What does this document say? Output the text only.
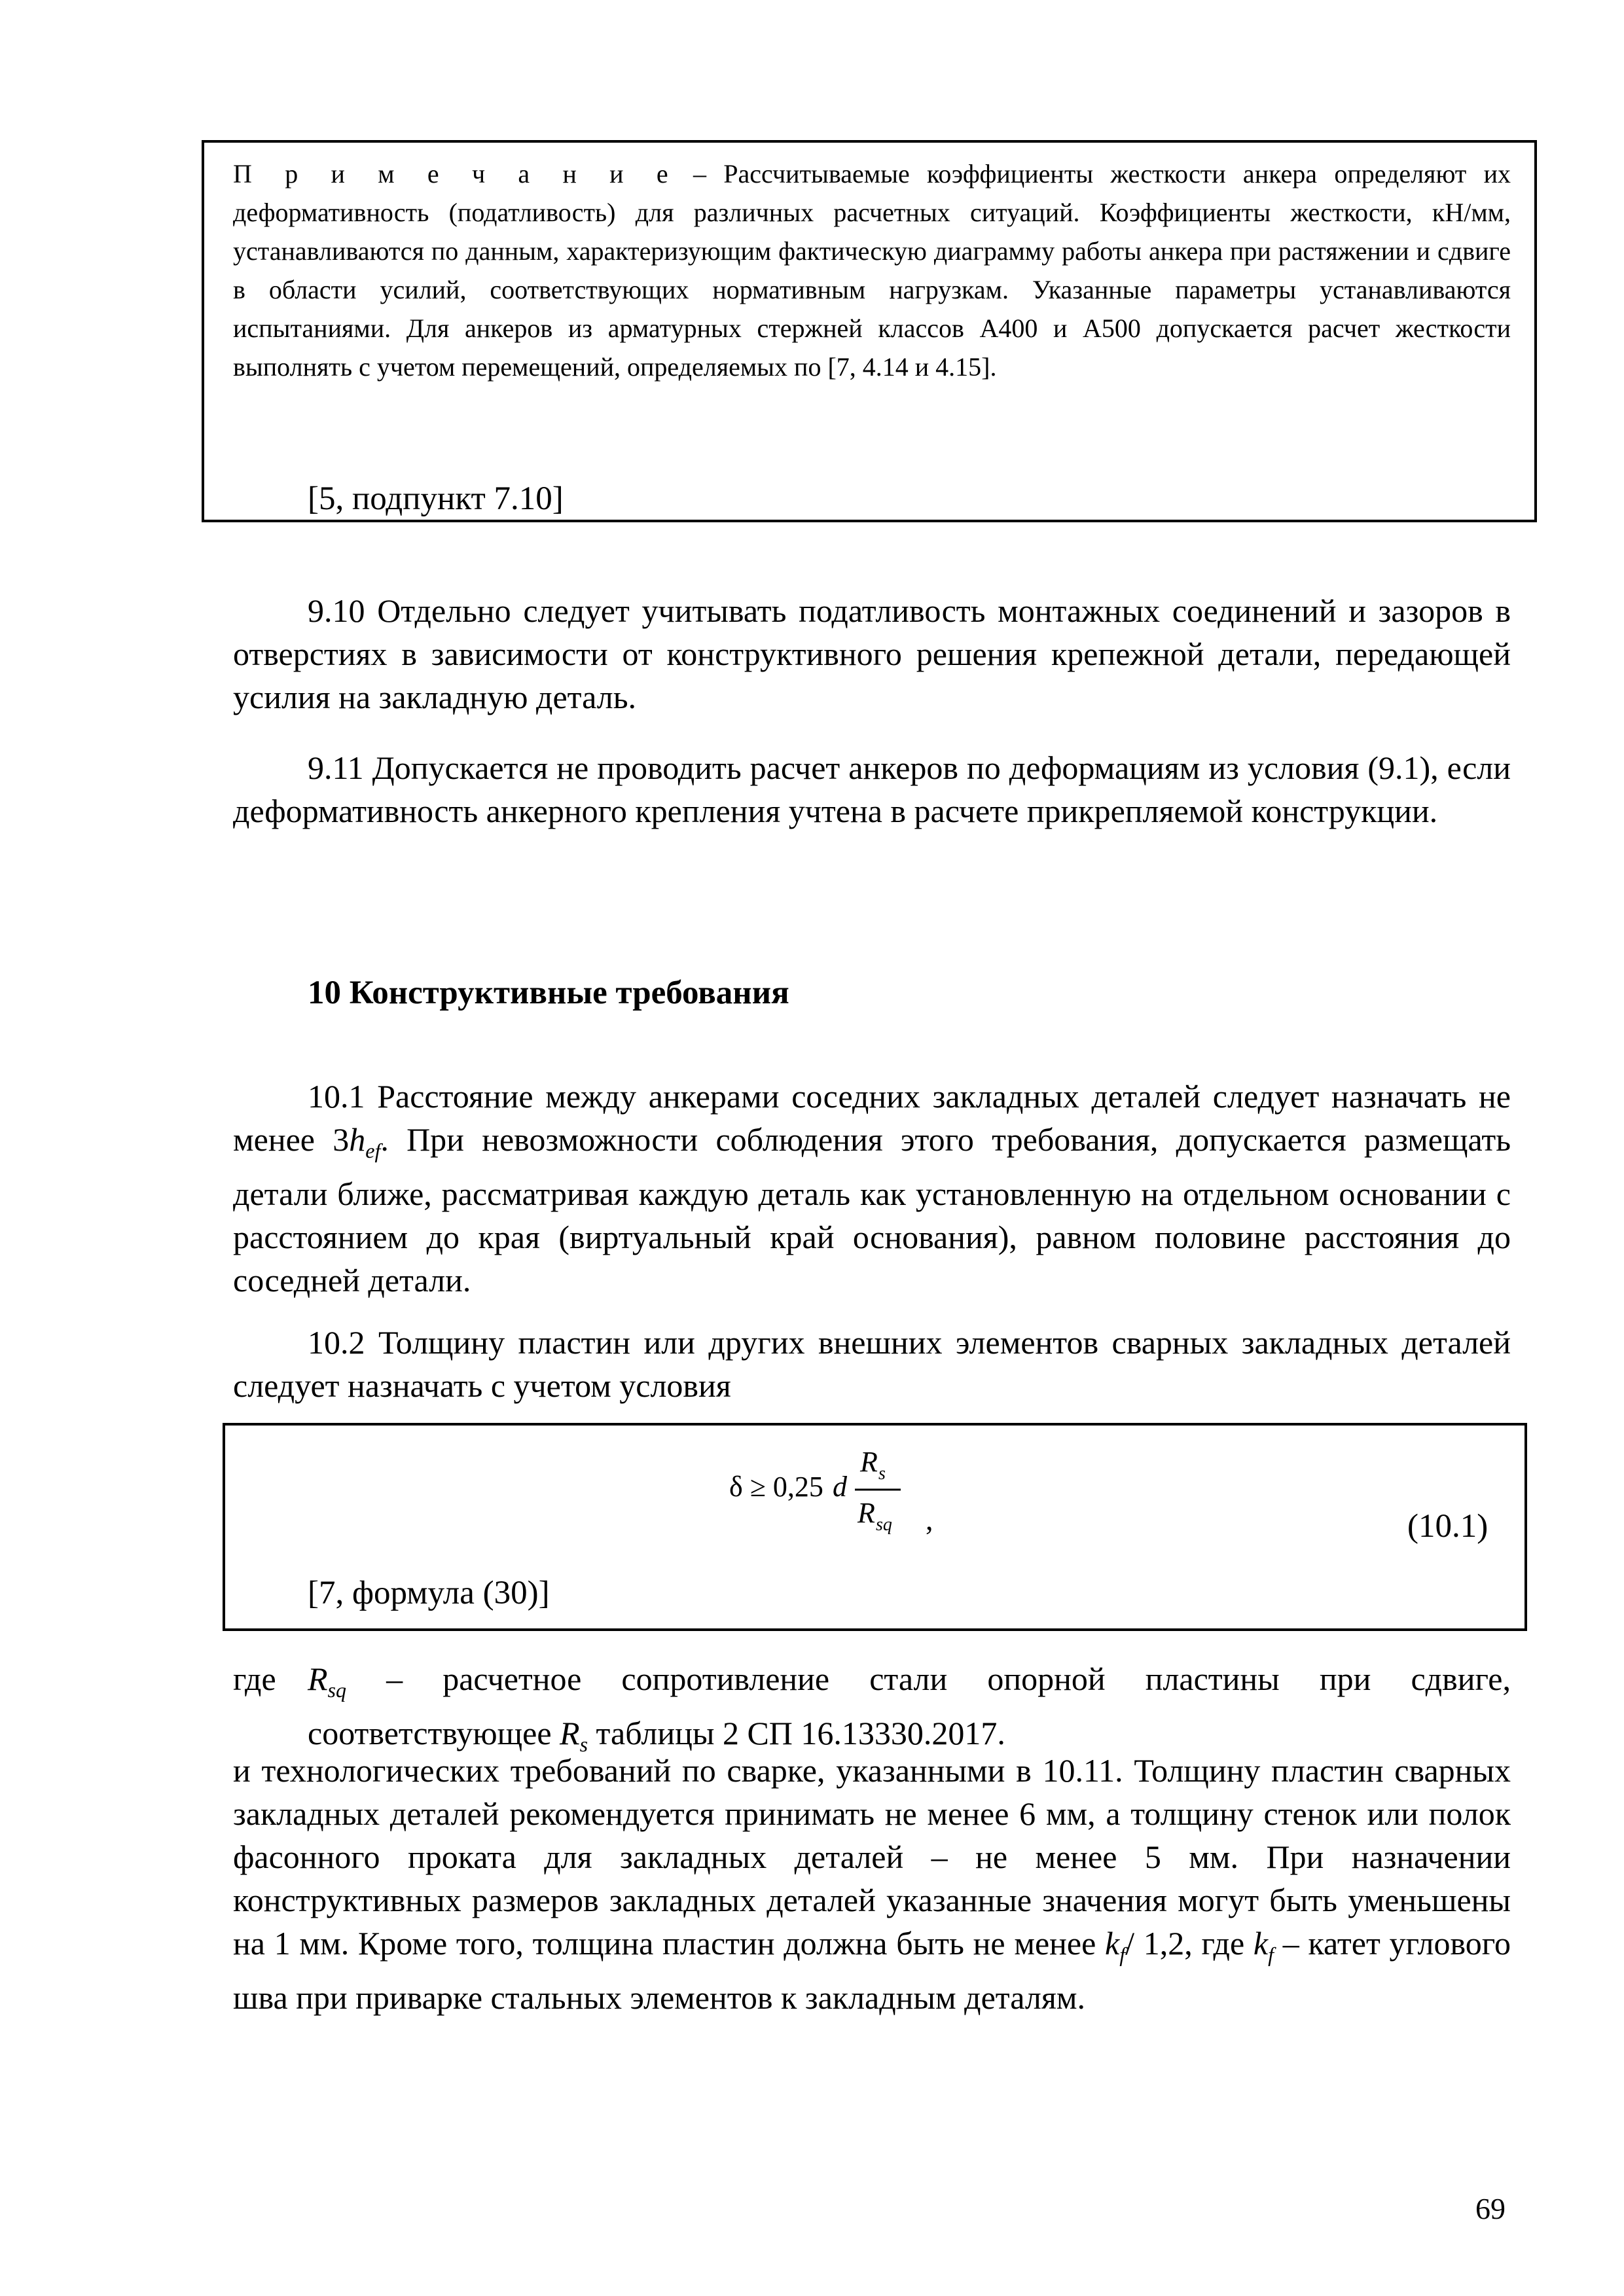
П р и м е ч а н и е – Рассчитываемые коэффициенты жесткости анкера определяют их деформативность (податливость) для различных расчетных ситуаций. Коэффициенты жесткости, кН/мм, устанавливаются по данным, характеризующим фактическую диаграмму работы анкера при растяжении и сдвиге в области усилий, соответствующих нормативным нагрузкам. Указанные параметры устанавливаются испытаниями. Для анкеров из арматурных стержней классов А400 и А500 допускается расчет жесткости выполнять с учетом перемещений, определяемых по [7, 4.14 и 4.15].
[5, подпункт 7.10]
9.10 Отдельно следует учитывать податливость монтажных соединений и зазоров в отверстиях в зависимости от конструктивного решения крепежной детали, передающей усилия на закладную деталь.
9.11 Допускается не проводить расчет анкеров по деформациям из условия (9.1), если деформативность анкерного крепления учтена в расчете прикрепляемой конструкции.
10 Конструктивные требования
10.1 Расстояние между анкерами соседних закладных деталей следует назначать не менее $3h_{ef}$. При невозможности соблюдения этого требования, допускается размещать детали ближе, рассматривая каждую деталь как установленную на отдельном основании с расстоянием до края (виртуальный край основания), равном половине расстояния до соседней детали.
10.2 Толщину пластин или других внешних элементов сварных закладных деталей следует назначать с учетом условия
δ ≥ 0,25 d
R s
R sq ,	(10.1)
[7, формула (30)]
где $R_{sq}$ – расчетное сопротивление стали опорной пластины при сдвиге,
соответствующее $R_s$ таблицы 2 СП 16.13330.2017.
и технологических требований по сварке, указанными в 10.11. Толщину пластин сварных закладных деталей рекомендуется принимать не менее 6 мм, а толщину стенок или полок фасонного проката для закладных деталей – не менее 5 мм. При назначении конструктивных размеров закладных деталей указанные значения могут быть уменьшены на 1 мм. Кроме того, толщина пластин должна быть не менее $k_f/$ 1,2, где $k_f$ – катет углового шва при приварке стальных элементов к закладным деталям.
69
